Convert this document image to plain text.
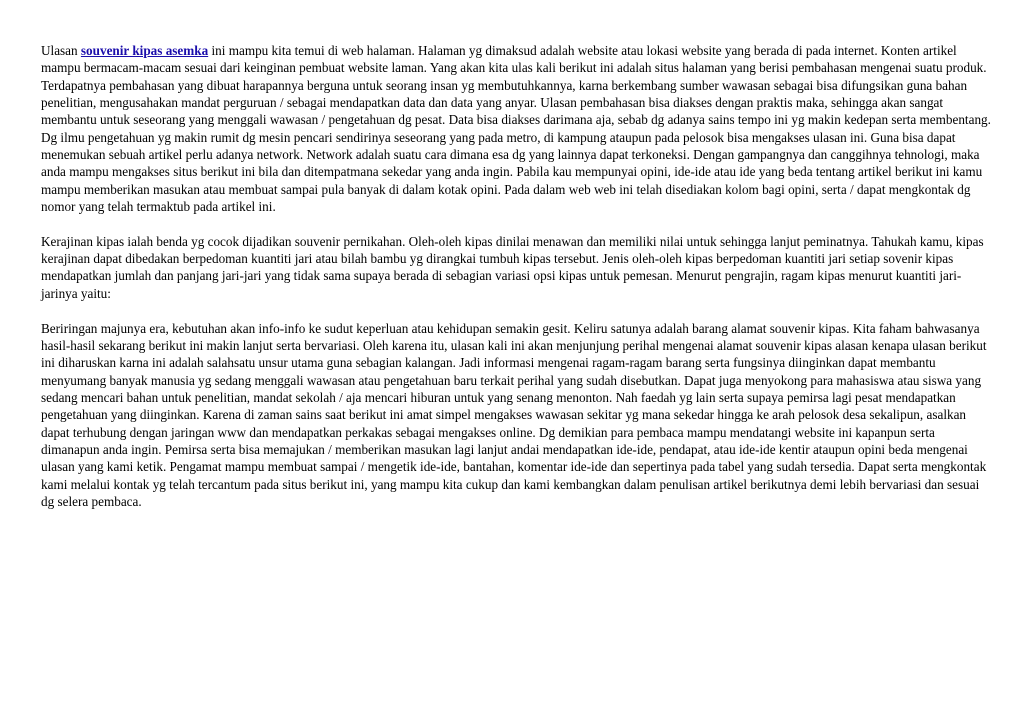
Ulasan souvenir kipas asemka ini mampu kita temui di web halaman. Halaman yg dimaksud adalah website atau lokasi website yang berada di pada internet. Konten artikel mampu bermacam-macam sesuai dari keinginan pembuat website laman. Yang akan kita ulas kali berikut ini adalah situs halaman yang berisi pembahasan mengenai suatu produk. Terdapatnya pembahasan yang dibuat harapannya berguna untuk seorang insan yg membutuhkannya, karna berkembang sumber wawasan sebagai bisa difungsikan guna bahan penelitian, mengusahakan mandat perguruan / sebagai mendapatkan data dan data yang anyar. Ulasan pembahasan bisa diakses dengan praktis maka, sehingga akan sangat membantu untuk seseorang yang menggali wawasan / pengetahuan dg pesat. Data bisa diakses darimana aja, sebab dg adanya sains tempo ini yg makin kedepan serta membentang. Dg ilmu pengetahuan yg makin rumit dg mesin pencari sendirinya seseorang yang pada metro, di kampung ataupun pada pelosok bisa mengakses ulasan ini. Guna bisa dapat menemukan sebuah artikel perlu adanya network. Network adalah suatu cara dimana esa dg yang lainnya dapat terkoneksi. Dengan gampangnya dan canggihnya tehnologi, maka anda mampu mengakses situs berikut ini bila dan ditempatmana sekedar yang anda ingin. Pabila kau mempunyai opini, ide-ide atau ide yang beda tentang artikel berikut ini kamu mampu memberikan masukan atau membuat sampai pula banyak di dalam kotak opini. Pada dalam web web ini telah disediakan kolom bagi opini, serta / dapat mengkontak dg nomor yang telah termaktub pada artikel ini.

Kerajinan kipas ialah benda yg cocok dijadikan souvenir pernikahan. Oleh-oleh kipas dinilai menawan dan memiliki nilai untuk sehingga lanjut peminatnya. Tahukah kamu, kipas kerajinan dapat dibedakan berpedoman kuantiti jari atau bilah bambu yg dirangkai tumbuh kipas tersebut. Jenis oleh-oleh kipas berpedoman kuantiti jari setiap sovenir kipas mendapatkan jumlah dan panjang jari-jari yang tidak sama supaya berada di sebagian variasi opsi kipas untuk pemesan. Menurut pengrajin, ragam kipas menurut kuantiti jari-jarinya yaitu:

Beriringan majunya era, kebutuhan akan info-info ke sudut keperluan atau kehidupan semakin gesit. Keliru satunya adalah barang alamat souvenir kipas. Kita faham bahwasanya hasil-hasil sekarang berikut ini makin lanjut serta bervariasi. Oleh karena itu, ulasan kali ini akan menjunjung perihal mengenai alamat souvenir kipas alasan kenapa ulasan berikut ini diharuskan karna ini adalah salahsatu unsur utama guna sebagian kalangan. Jadi informasi mengenai ragam-ragam barang serta fungsinya diinginkan dapat membantu menyumang banyak manusia yg sedang menggali wawasan atau pengetahuan baru terkait perihal yang sudah disebutkan. Dapat juga menyokong para mahasiswa atau siswa yang sedang mencari bahan untuk penelitian, mandat sekolah / aja mencari hiburan untuk yang senang menonton. Nah faedah yg lain serta supaya pemirsa lagi pesat mendapatkan pengetahuan yang diinginkan. Karena di zaman sains saat berikut ini amat simpel mengakses wawasan sekitar yg mana sekedar hingga ke arah pelosok desa sekalipun, asalkan dapat terhubung dengan jaringan www dan mendapatkan perkakas sebagai mengakses online. Dg demikian para pembaca mampu mendatangi website ini kapanpun serta dimanapun anda ingin. Pemirsa serta bisa memajukan / memberikan masukan lagi lanjut andai mendapatkan ide-ide, pendapat, atau ide-ide kentir ataupun opini beda mengenai ulasan yang kami ketik. Pengamat mampu membuat sampai / mengetik ide-ide, bantahan, komentar ide-ide dan sepertinya pada tabel yang sudah tersedia. Dapat serta mengkontak kami melalui kontak yg telah tercantum pada situs berikut ini, yang mampu kita cukup dan kami kembangkan dalam penulisan artikel berikutnya demi lebih bervariasi dan sesuai dg selera pembaca.
